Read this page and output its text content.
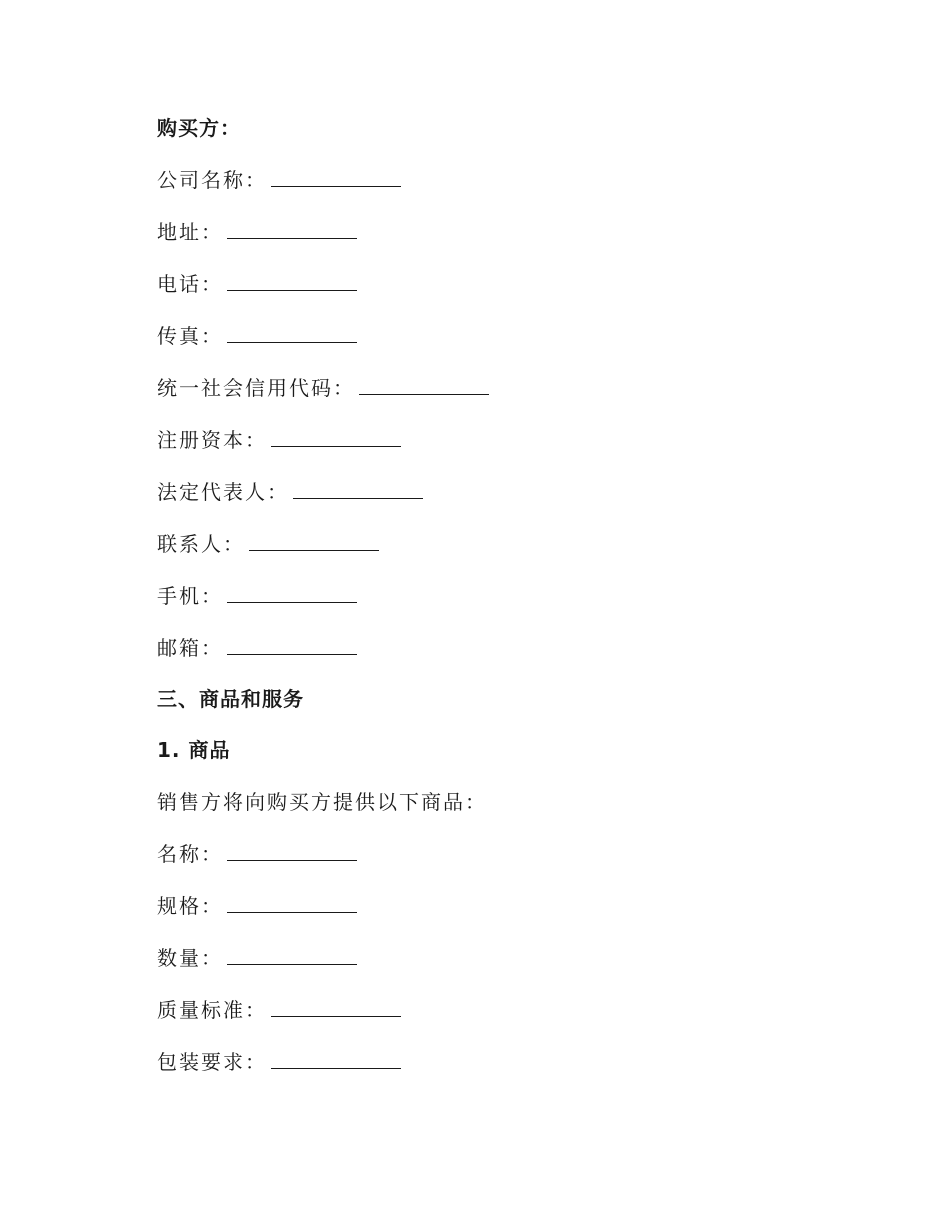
购买方：
公司名称：
地址：
电话：
传真：
统一社会信用代码：
注册资本：
法定代表人：
联系人：
手机：
邮箱：
三、商品和服务
1. 商品
销售方将向购买方提供以下商品：
名称：
规格：
数量：
质量标准：
包装要求：
